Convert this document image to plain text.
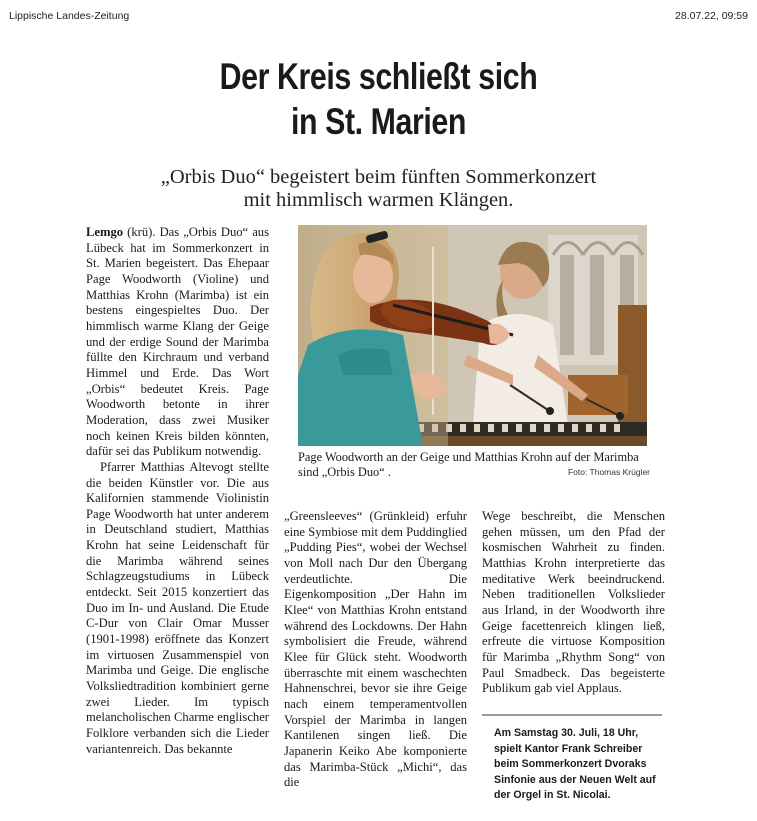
Lippische Landes-Zeitung	28.07.22, 09:59
Der Kreis schließt sich
in St. Marien
„Orbis Duo“ begeistert beim fünften Sommerkonzert
mit himmlisch warmen Klängen.

Lemgo (krü). Das „Orbis Duo“ aus Lübeck hat im Sommerkonzert in St. Marien begeistert. Das Ehepaar Page Woodworth (Violine) und Matthias Krohn (Marimba) ist ein bestens eingespieltes Duo. Der himmlisch warme Klang der Geige und der erdige Sound der Marimba füllte den Kirchraum und verband Himmel und Erde. Das Wort „Orbis“ bedeutet Kreis. Page Woodworth betonte in ihrer Moderation, dass zwei Musiker noch keinen Kreis bilden könnten, dafür sei das Publikum notwendig.

Pfarrer Matthias Altevogt stellte die beiden Künstler vor. Die aus Kalifornien stammende Violinistin Page Woodworth hat unter anderem in Deutschland studiert, Matthias Krohn hat seine Leidenschaft für die Marimba während seines Schlagzeugstudiums in Lübeck entdeckt. Seit 2015 konzertiert das Duo im In- und Ausland. Die Etude C-Dur von Clair Omar Musser (1901-1998) eröffnete das Konzert im virtuosen Zusammenspiel von Marimba und Geige. Die englische Volksliedtradition kombiniert gerne zwei Lieder. Im typisch melancholischen Charme englischer Folklore verbanden sich die Lieder variantenreich. Das bekannte

Page Woodworth an der Geige und Matthias Krohn auf der Marimba sind „Orbis Duo“ .	Foto: Thomas Krügler

„Greensleeves“ (Grünkleid) erfuhr eine Symbiose mit dem Puddinglied „Pudding Pies“, wobei der Wechsel von Moll nach Dur den Übergang verdeutlichte. Die Eigenkomposition „Der Hahn im Klee“ von Matthias Krohn entstand während des Lockdowns. Der Hahn symbolisiert die Freude, während Klee für Glück steht. Woodworth überraschte mit einem waschechten Hahnenschrei, bevor sie ihre Geige nach einem temperamentvollen Vorspiel der Marimba in langen Kantilenen singen ließ. Die Japanerin Keiko Abe komponierte das Marimba-Stück „Michi“, das die

Wege beschreibt, die Menschen gehen müssen, um den Pfad der kosmischen Wahrheit zu finden. Matthias Krohn interpretierte das meditative Werk beeindruckend. Neben traditionellen Volkslieder aus Irland, in der Woodworth ihre Geige facettenreich klingen ließ, erfreute die virtuose Komposition für Marimba „Rhythm Song“ von Paul Smadbeck. Das begeisterte Publikum gab viel Applaus.

Am Samstag 30. Juli, 18 Uhr, spielt Kantor Frank Schreiber beim Sommerkonzert Dvoraks Sinfonie aus der Neuen Welt auf der Orgel in St. Nicolai.
